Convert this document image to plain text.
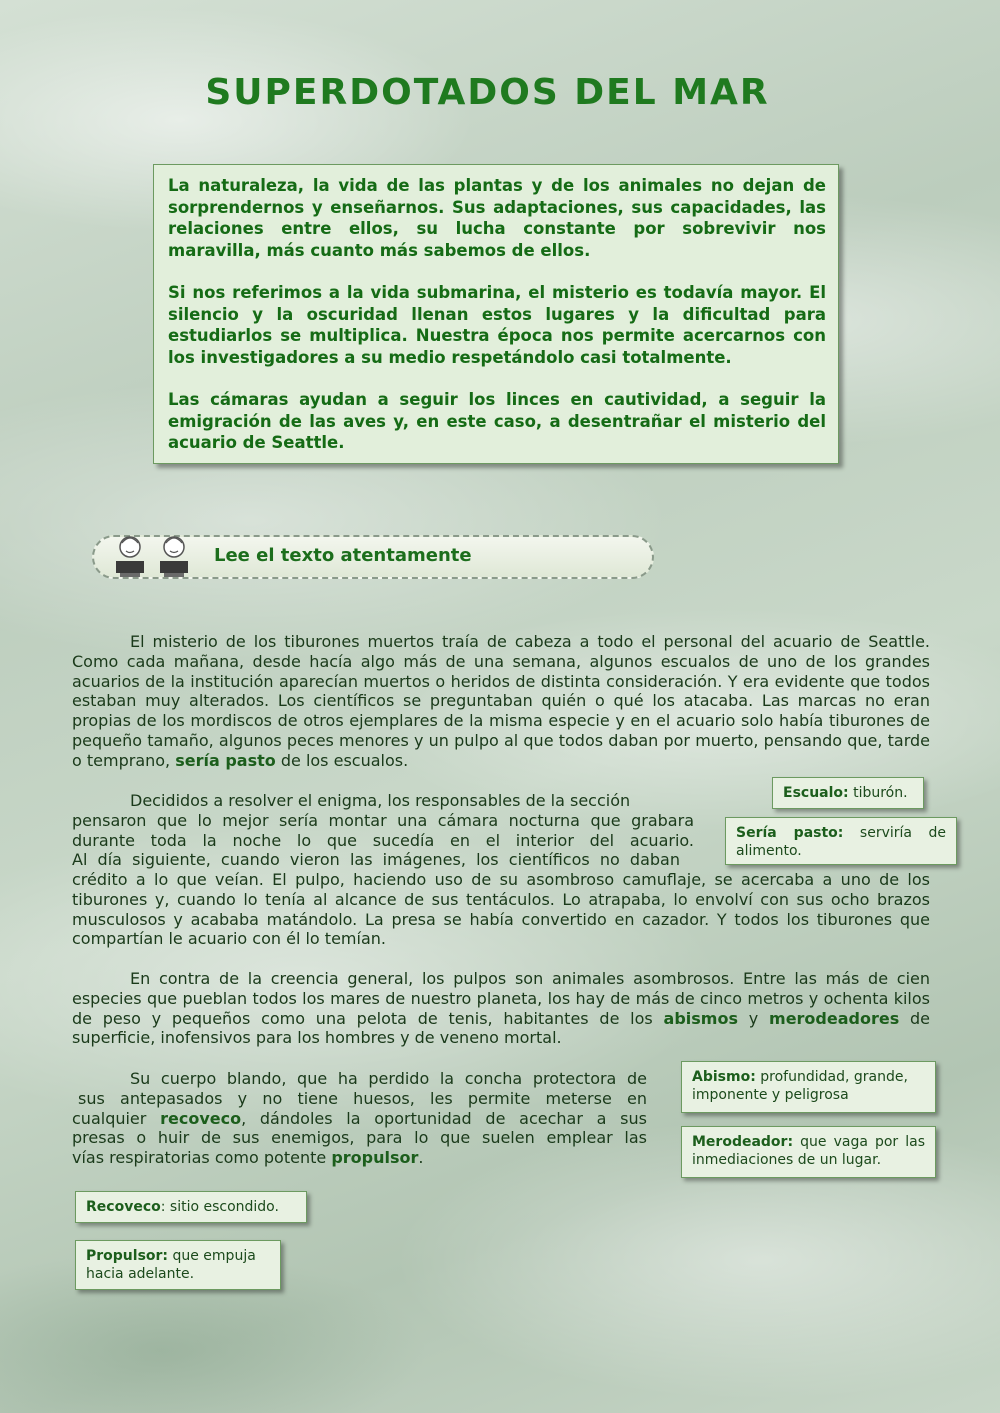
SUPERDOTADOS DEL MAR

La naturaleza, la vida de las plantas y de los animales no dejan de sorprendernos y enseñarnos. Sus adaptaciones, sus capacidades, las relaciones entre ellos, su lucha constante por sobrevivir nos maravilla, más cuanto más sabemos de ellos.

Si nos referimos a la vida submarina, el misterio es todavía mayor. El silencio y la oscuridad llenan estos lugares y la dificultad para estudiarlos se multiplica. Nuestra época nos permite acercarnos con los investigadores a su medio respetándolo casi totalmente.

Las cámaras ayudan a seguir los linces en cautividad, a seguir la emigración de las aves y, en este caso, a desentrañar el misterio del acuario de Seattle.

Lee el texto atentamente

El misterio de los tiburones muertos traía de cabeza a todo el personal del acuario de Seattle. Como cada mañana, desde hacía algo más de una semana, algunos escualos de uno de los grandes acuarios de la institución aparecían muertos o heridos de distinta consideración. Y era evidente que todos estaban muy alterados. Los científicos se preguntaban quién o qué los atacaba. Las marcas no eran propias de los mordiscos de otros ejemplares de la misma especie y en el acuario solo había tiburones de pequeño tamaño, algunos peces menores y un pulpo al que todos daban por muerto, pensando que, tarde o temprano, sería pasto de los escualos.

Decididos a resolver el enigma, los responsables de la sección
pensaron que lo mejor sería montar una cámara nocturna que grabara
durante toda la noche lo que sucedía en el interior del acuario.
Al día siguiente, cuando vieron las imágenes, los científicos no daban

crédito a lo que veían. El pulpo, haciendo uso de su asombroso camuflaje, se acercaba a uno de los tiburones y, cuando lo tenía al alcance de sus tentáculos. Lo atrapaba, lo envolví con sus ocho brazos musculosos y acababa matándolo. La presa se había convertido en cazador. Y todos los tiburones que compartían le acuario con él lo temían.

En contra de la creencia general, los pulpos son animales asombrosos. Entre las más de cien especies que pueblan todos los mares de nuestro planeta, los hay de más de cinco metros y ochenta kilos de peso y pequeños como una pelota de tenis, habitantes de los abismos y merodeadores de superficie, inofensivos para los hombres y de veneno mortal.

Su cuerpo blando, que ha perdido la concha protectora de
sus antepasados y no tiene huesos, les permite meterse en
cualquier recoveco, dándoles la oportunidad de acechar a sus
presas o huir de sus enemigos, para lo que suelen emplear las
vías respiratorias como potente propulsor.
Escualo: tiburón.
Sería pasto: serviría de alimento.
Abismo: profundidad, grande, imponente y peligrosa
Merodeador: que vaga por las inmediaciones de un lugar.
Recoveco: sitio escondido.
Propulsor: que empuja hacia adelante.
